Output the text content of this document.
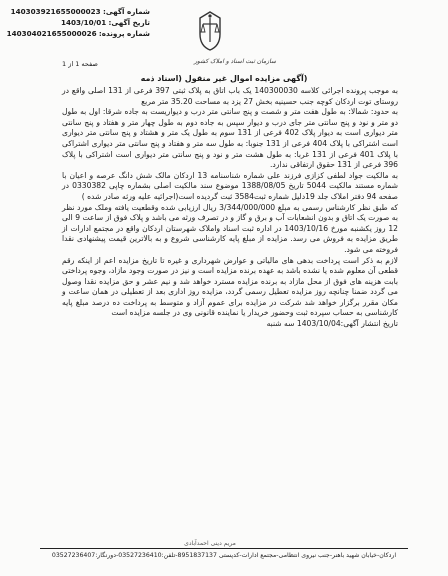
شماره آگهی: 140303921655000023
تاریخ آگهی: 1403/10/01
شماره پرونده: 140304021655000026
سازمان ثبت اسناد و املاک کشور
صفحه 1 از 1
(آگهی مزایده اموال غیر منقول (اسناد ذمه

به موجب پرونده اجرائی کلاسه 140300030 یک باب اتاق به پلاک ثبتی 397 فرعی از 131 اصلی واقع در روستای توت اردکان کوچه جنب حسینیه بخش 27 یزد به مساحت 35.20 متر مربع

به حدود: شمالا: به طول هفت متر و شصت و پنج سانتی متر درب و دیواریست به جاده شرقا: اول به طول دو متر و نود و پنج سانتی متر جای درب و دیوار سپس به جاده دوم به طول چهار متر و هفتاد و پنج سانتی متر دیواری است به دیوار پلاک 402 فرعی از 131 سوم به طول یک متر و هشتاد و پنج سانتی متر دیواری است اشتراکی با پلاک 404 فرعی از 131 جنوبا: به طول سه متر و هفتاد و پنج سانتی متر دیواری اشتراکی با پلاک 401 فرعی از 131 غربا: به طول هشت متر و نود و پنج سانتی متر دیواری است اشتراکی با پلاک 396 فرعی از 131 حقوق ارتفاقی ندارد.

به مالکیت جواد لطفی کزازی فرزند علی شماره شناسنامه 13 اردکان مالک شش دانگ عرصه و اعیان با شماره مستند مالکیت 5044 تاریخ 1388/08/05 موضوع سند مالکیت اصلی بشماره چاپی 0330382 در صفحه 94 دفتر املاک جلد 19دلیل شماره ثبت3584 ثبت گردیده است(اجرائیه علیه ورثه صادر شده )

که طبق نظر کارشناس رسمی به مبلغ 3/344/000/000 ریال ارزیابی شده وقطعیت یافته وملک مورد نظر به صورت یک اتاق و بدون انشعابات آب و برق و گاز و در تصرف ورثه می باشد و پلاک فوق از ساعت 9 الی 12 روز یکشنبه مورخ 1403/10/16 در اداره ثبت اسناد واملاک شهرستان اردکان واقع در مجتمع ادارات از طریق مزایده به فروش می رسد. مزایده از مبلغ پایه کارشناسی شروع و به بالاترین قیمت پیشنهادی نقدا فروخته می شود.

لازم به ذکر است پرداخت بدهی های مالیاتی و عوارض شهرداری و غیره تا تاریخ مزایده اعم از اینکه رقم قطعی آن معلوم شده یا نشده باشد به عهده برنده مزایده است و نیز در صورت وجود مازاد، وجوه پرداختی بابت هزینه های فوق از محل مازاد به برنده مزایده مسترد خواهد شد و نیم عشر و حق مزایده نقدا وصول می گردد ضمنا چنانچه روز مزایده تعطیل رسمی گردد، مزایده روز اداری بعد از تعطیلی در همان ساعت و مکان مقرر برگزار خواهد شد شرکت در مزایده برای عموم آزاد و متوسط به پرداخت ده درصد مبلغ پایه کارشناسی به حساب سپرده ثبت وحضور خریدار یا نماینده قانونی وی در جلسه مزایده است

تاریخ انتشار آگهی:1403/10/04 سه شنبه

مریم دینی احمدآبادی
اردکان-خیابان شهید باهنر-جنب نیروی انتظامی-مجتمع ادارات-کدپستی 8951837137-تلفن:03527236410-دورنگار:03527236407
